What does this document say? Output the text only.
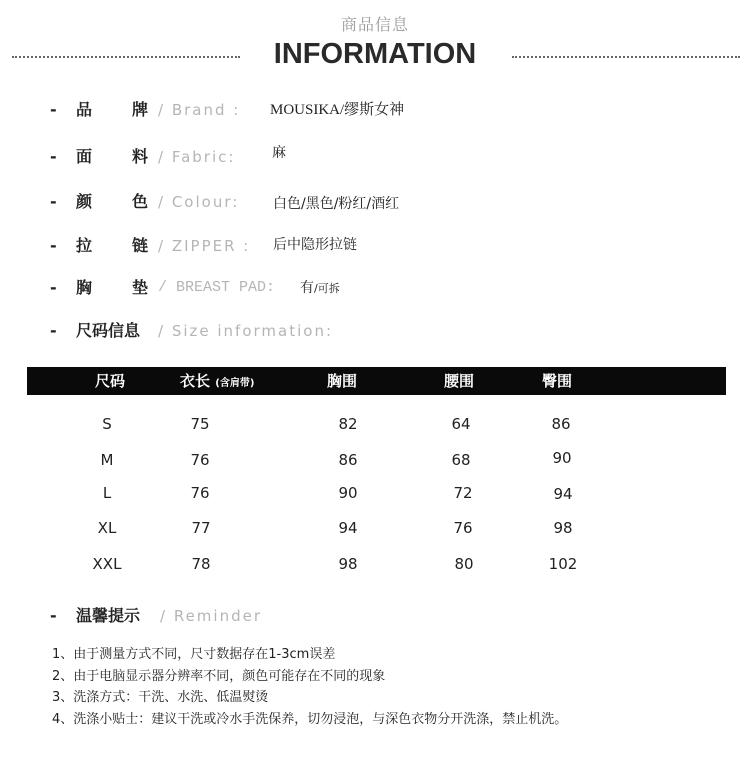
商品信息
INFORMATION
- 品牌 / Brand : MOUSIKA/缪斯女神
- 面料 / Fabric:	麻
- 颜色 / Colour: 白色/黑色/粉红/酒红
- 拉链 / ZIPPER : 后中隐形拉链
- 胸垫 / BREAST PAD: 有/可拆
- 尺码信息	/ Size information:
尺码	衣长 (含肩带)	胸围	腰围	臀围
S	75	82	64	86
M	76	86	68	90
L	76	90	72	94
XL	77	94	76	98
XXL	78	98	80	102
- 温馨提示	/ Reminder
1、由于测量方式不同，尺寸数据存在1-3cm误差
2、由于电脑显示器分辨率不同，颜色可能存在不同的现象
3、洗涤方式：干洗、水洗、低温熨烫
4、洗涤小贴士：建议干洗或冷水手洗保养，切勿浸泡，与深色衣物分开洗涤，禁止机洗。
